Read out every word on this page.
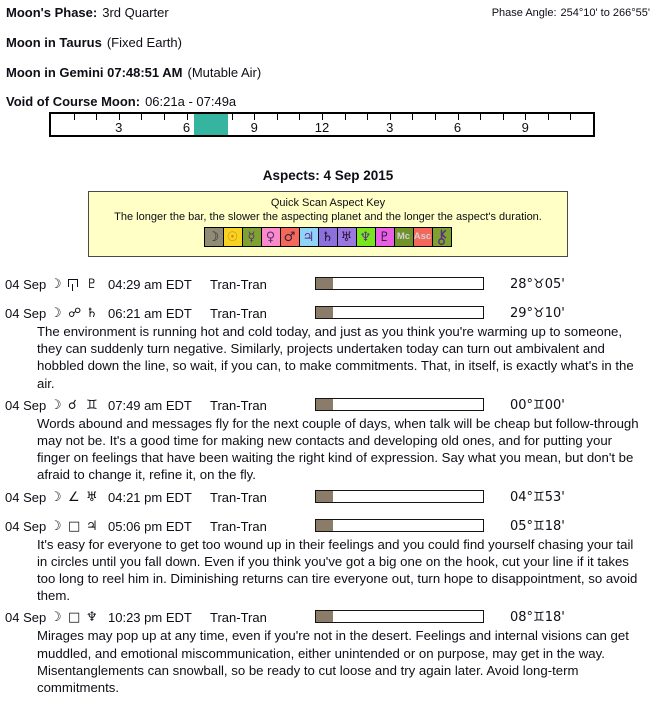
Moon's Phase: 3rd Quarter	Phase Angle: 254°10' to 266°55'
Moon in Taurus (Fixed Earth)
Moon in Gemini 07:48:51 AM (Mutable Air)
Void of Course Moon: 06:21a - 07:49a
3	6	9	12	3	6	9
Aspects: 4 Sep 2015
Quick Scan Aspect Key
The longer the bar, the slower the aspecting planet and the longer the aspect's duration.
☽ ☉ ☿ ♀ ♂ ♃ ♄ ♅ ♆ ♇ Mc Asc
04 Sep ☽ ♇ 04:29 am EDT Tran-Tran	28°♉05'
04 Sep ☽ ☍ ♄ 06:21 am EDT Tran-Tran	29°♉10'
The environment is running hot and cold today, and just as you think you're warming up to someone, they can suddenly turn negative. Similarly, projects undertaken today can turn out ambivalent and hobbled down the line, so wait, if you can, to make commitments. That, in itself, is exactly what's in the air.
04 Sep ☽ ☌ ♊ 07:49 am EDT Tran-Tran	00°♊00'
Words abound and messages fly for the next couple of days, when talk will be cheap but follow-through may not be. It's a good time for making new contacts and developing old ones, and for putting your finger on feelings that have been waiting the right kind of expression. Say what you mean, but don't be afraid to change it, refine it, on the fly.
04 Sep ☽ ∠ ♅ 04:21 pm EDT Tran-Tran	04°♊53'
04 Sep ☽ □ ♃ 05:06 pm EDT Tran-Tran	05°♊18'
It's easy for everyone to get too wound up in their feelings and you could find yourself chasing your tail in circles until you fall down. Even if you think you've got a big one on the hook, cut your line if it takes too long to reel him in. Diminishing returns can tire everyone out, turn hope to disappointment, so avoid them.
04 Sep ☽ □ ♆ 10:23 pm EDT Tran-Tran	08°♊18'
Mirages may pop up at any time, even if you're not in the desert. Feelings and internal visions can get muddled, and emotional miscommunication, either unintended or on purpose, may get in the way. Misentanglements can snowball, so be ready to cut loose and try again later. Avoid long-term commitments.
